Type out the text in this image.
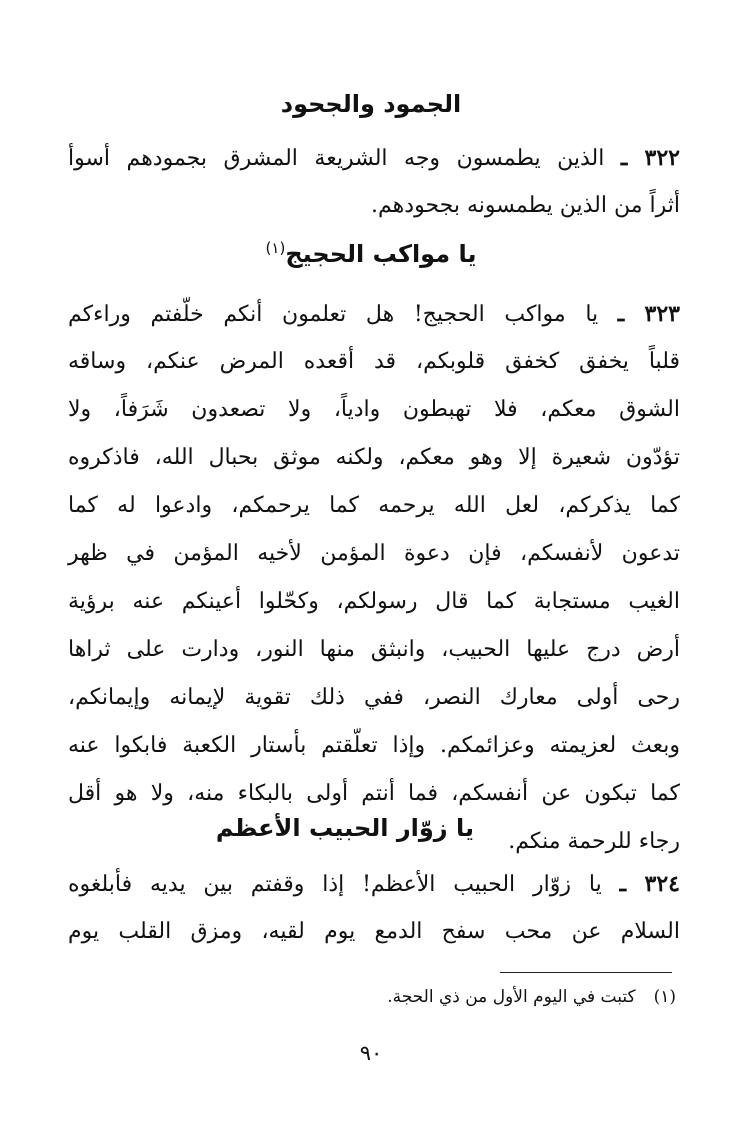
الجمود والجحود
٣٢٢ ـ الذين يطمسون وجه الشريعة المشرق بجمودهم أسوأ
أثراً من الذين يطمسونه بجحودهم.
يا مواكب الحجيج$^{(١)}$
٣٢٣ ـ يا مواكب الحجيج! هل تعلمون أنكم خلّفتم وراءكم
قلباً يخفق كخفق قلوبكم، قد أقعده المرض عنكم، وساقه
الشوق معكم، فلا تهبطون وادياً، ولا تصعدون شَرَفاً، ولا
تؤدّون شعيرة إلا وهو معكم، ولكنه موثق بحبال الله، فاذكروه
كما يذكركم، لعل الله يرحمه كما يرحمكم، وادعوا له كما
تدعون لأنفسكم، فإن دعوة المؤمن لأخيه المؤمن في ظهر
الغيب مستجابة كما قال رسولكم، وكحّلوا أعينكم عنه برؤية
أرض درج عليها الحبيب، وانبثق منها النور، ودارت على ثراها
رحى أولى معارك النصر، ففي ذلك تقوية لإيمانه وإيمانكم،
وبعث لعزيمته وعزائمكم. وإذا تعلّقتم بأستار الكعبة فابكوا عنه
كما تبكون عن أنفسكم، فما أنتم أولى بالبكاء منه، ولا هو أقل
رجاء للرحمة منكم.
يا زوّار الحبيب الأعظم
٣٢٤ ـ يا زوّار الحبيب الأعظم! إذا وقفتم بين يديه فأبلغوه
السلام عن محب سفح الدمع يوم لقيه، ومزق القلب يوم
(١)كتبت في اليوم الأول من ذي الحجة.
٩٠
